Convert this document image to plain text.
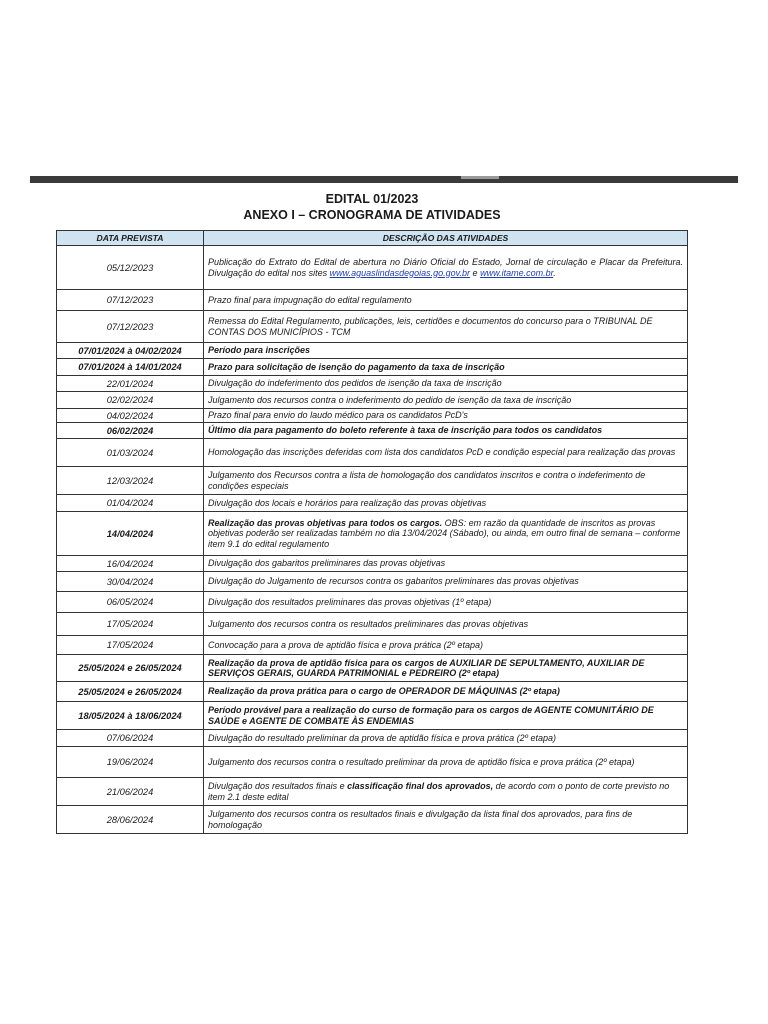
EDITAL 01/2023
ANEXO I – CRONOGRAMA DE ATIVIDADES
DATA PREVISTA	DESCRIÇÃO DAS ATIVIDADES
05/12/2023	Publicação do Extrato do Edital de abertura no Diário Oficial do Estado, Jornal de circulação e Placar da Prefeitura. Divulgação do edital nos sites www.aguaslindasdegoias.go.gov.br e www.itame.com.br.
07/12/2023	Prazo final para impugnação do edital regulamento
07/12/2023	Remessa do Edital Regulamento, publicações, leis, certidões e documentos do concurso para o TRIBUNAL DE CONTAS DOS MUNICÍPIOS - TCM
07/01/2024 à 04/02/2024	Período para inscrições
07/01/2024 à 14/01/2024	Prazo para solicitação de isenção do pagamento da taxa de inscrição
22/01/2024	Divulgação do indeferimento dos pedidos de isenção da taxa de inscrição
02/02/2024	Julgamento dos recursos contra o indeferimento do pedido de isenção da taxa de inscrição
04/02/2024	Prazo final para envio do laudo médico para os candidatos PcD's
06/02/2024	Último dia para pagamento do boleto referente à taxa de inscrição para todos os candidatos
01/03/2024	Homologação das inscrições deferidas com lista dos candidatos PcD e condição especial para realização das provas
12/03/2024	Julgamento dos Recursos contra a lista de homologação dos candidatos inscritos e contra o indeferimento de condições especiais
01/04/2024	Divulgação dos locais e horários para realização das provas objetivas
14/04/2024	Realização das provas objetivas para todos os cargos. OBS: em razão da quantidade de inscritos as provas objetivas poderão ser realizadas também no dia 13/04/2024 (Sábado), ou ainda, em outro final de semana – conforme item 9.1 do edital regulamento
16/04/2024	Divulgação dos gabaritos preliminares das provas objetivas
30/04/2024	Divulgação do Julgamento de recursos contra os gabaritos preliminares das provas objetivas
06/05/2024	Divulgação dos resultados preliminares das provas objetivas (1º etapa)
17/05/2024	Julgamento dos recursos contra os resultados preliminares das provas objetivas
17/05/2024	Convocação para a prova de aptidão física e prova prática (2º etapa)
25/05/2024 e 26/05/2024	Realização da prova de aptidão física para os cargos de AUXILIAR DE SEPULTAMENTO, AUXILIAR DE SERVIÇOS GERAIS, GUARDA PATRIMONIAL e PEDREIRO (2º etapa)
25/05/2024 e 26/05/2024	Realização da prova prática para o cargo de OPERADOR DE MÁQUINAS (2º etapa)
18/05/2024 à 18/06/2024	Período provável para a realização do curso de formação para os cargos de AGENTE COMUNITÁRIO DE SAÚDE e AGENTE DE COMBATE ÀS ENDEMIAS
07/06/2024	Divulgação do resultado preliminar da prova de aptidão física e prova prática (2º etapa)
19/06/2024	Julgamento dos recursos contra o resultado preliminar da prova de aptidão física e prova prática (2º etapa)
21/06/2024	Divulgação dos resultados finais e classificação final dos aprovados, de acordo com o ponto de corte previsto no item 2.1 deste edital
28/06/2024	Julgamento dos recursos contra os resultados finais e divulgação da lista final dos aprovados, para fins de homologação
